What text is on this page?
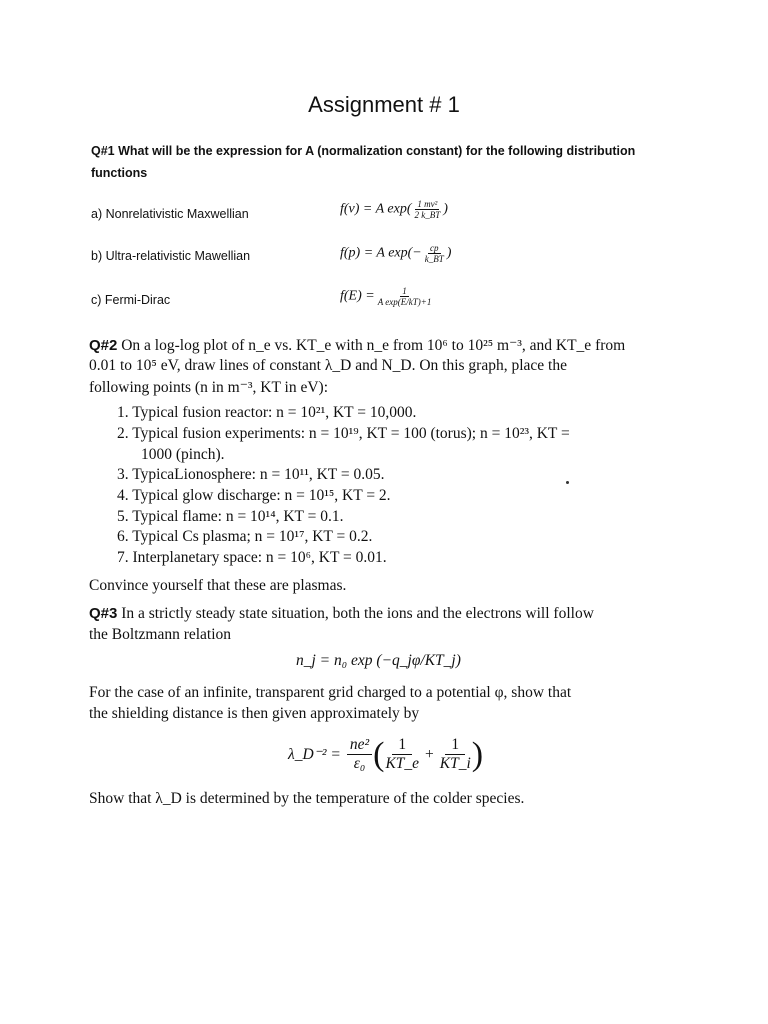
Assignment # 1
Q#1 What will be the expression for A (normalization constant) for the following distribution
functions
a) Nonrelativistic Maxwellian	f(v) = A $\exp( \frac{\text{1 mv²}}{2 k\_BT}$ )
b) Ultra-relativistic Mawellian	f(p) = A $\exp(- \frac{cp}{k\_BT}$ )
c) Fermi-Dirac	$f(E) = \frac{1}{\text{A exp(E/kT)+1}}$
Q#2 On a log-log plot of n_e vs. KT_e with n_e from 10⁶ to 10²⁵ m⁻³, and KT_e from
0.01 to 10⁵ eV, draw lines of constant λ_D and N_D. On this graph, place the
following points (n in m⁻³, KT in eV):
1. Typical fusion reactor: n = 10²¹, KT = 10,000.
2. Typical fusion experiments: n = 10¹⁹, KT = 100 (torus); n = 10²³, KT =
1000 (pinch).
3. TypicaLionosphere: n = 10¹¹, KT = 0.05.
4. Typical glow discharge: n = 10¹⁵, KT = 2.
5. Typical flame: n = 10¹⁴, KT = 0.1.
6. Typical Cs plasma; n = 10¹⁷, KT = 0.2.
7. Interplanetary space: n = 10⁶, KT = 0.01.
Convince yourself that these are plasmas.
Q#3 In a strictly steady state situation, both the ions and the electrons will follow
the Boltzmann relation
n_j = n₀ exp (−q_jφ/KT_j)
For the case of an infinite, transparent grid charged to a potential φ, show that
the shielding distance is then given approximately by
λ_D⁻² = $\frac{\text{ne²}}{\text{ε₀}}$ ( $\frac{1}{KT\_e} + \frac{1}{KT\_i}$ )
Show that λ_D is determined by the temperature of the colder species.
